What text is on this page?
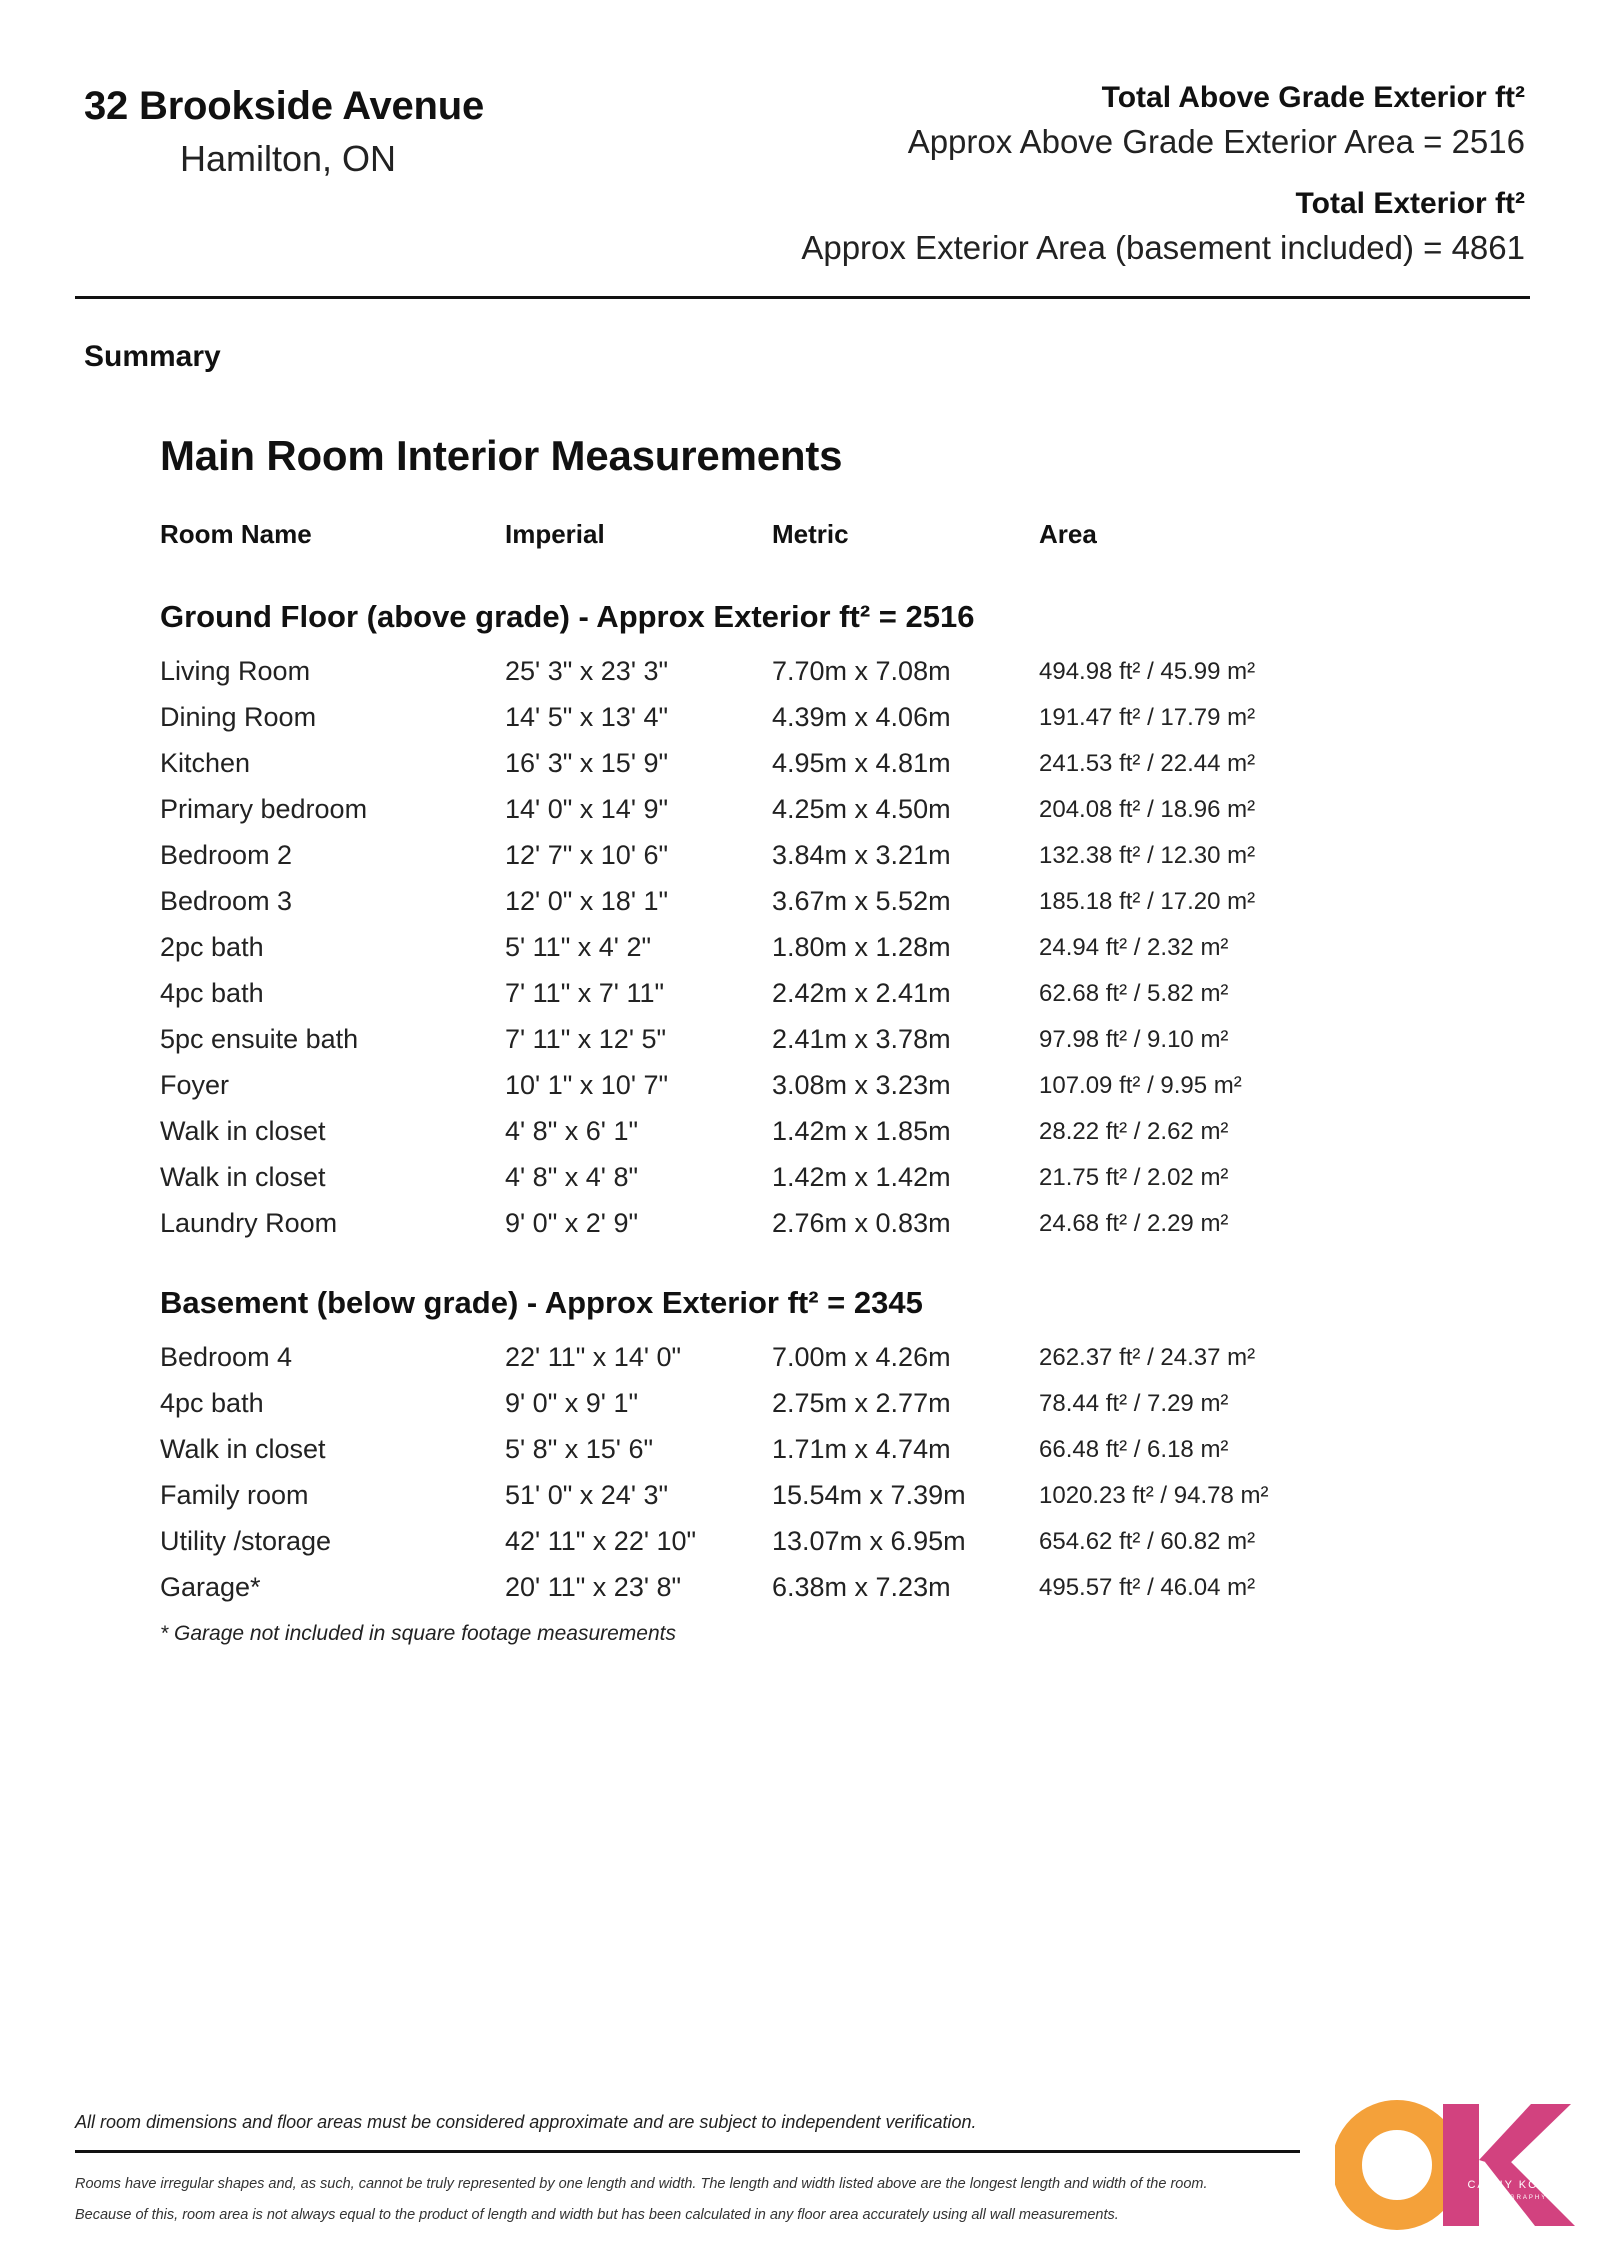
32 Brookside Avenue
Hamilton, ON
Total Above Grade Exterior ft²
Approx Above Grade Exterior Area = 2516
Total Exterior ft²
Approx Exterior Area (basement included) = 4861
Summary
Main Room Interior Measurements
Room Name	Imperial	Metric	Area
Ground Floor (above grade) - Approx Exterior ft² = 2516
Living Room	25' 3" x 23' 3"	7.70m x 7.08m	494.98 ft² / 45.99 m²
Dining Room	14' 5" x 13' 4"	4.39m x 4.06m	191.47 ft² / 17.79 m²
Kitchen	16' 3" x 15' 9"	4.95m x 4.81m	241.53 ft² / 22.44 m²
Primary bedroom	14' 0" x 14' 9"	4.25m x 4.50m	204.08 ft² / 18.96 m²
Bedroom 2	12' 7" x 10' 6"	3.84m x 3.21m	132.38 ft² / 12.30 m²
Bedroom 3	12' 0" x 18' 1"	3.67m x 5.52m	185.18 ft² / 17.20 m²
2pc bath	5' 11" x 4' 2"	1.80m x 1.28m	24.94 ft² / 2.32 m²
4pc bath	7' 11" x 7' 11"	2.42m x 2.41m	62.68 ft² / 5.82 m²
5pc ensuite bath	7' 11" x 12' 5"	2.41m x 3.78m	97.98 ft² / 9.10 m²
Foyer	10' 1" x 10' 7"	3.08m x 3.23m	107.09 ft² / 9.95 m²
Walk in closet	4' 8" x 6' 1"	1.42m x 1.85m	28.22 ft² / 2.62 m²
Walk in closet	4' 8" x 4' 8"	1.42m x 1.42m	21.75 ft² / 2.02 m²
Laundry Room	9' 0" x 2' 9"	2.76m x 0.83m	24.68 ft² / 2.29 m²
Basement (below grade) - Approx Exterior ft² = 2345
Bedroom 4	22' 11" x 14' 0"	7.00m x 4.26m	262.37 ft² / 24.37 m²
4pc bath	9' 0" x 9' 1"	2.75m x 2.77m	78.44 ft² / 7.29 m²
Walk in closet	5' 8" x 15' 6"	1.71m x 4.74m	66.48 ft² / 6.18 m²
Family room	51' 0" x 24' 3"	15.54m x 7.39m	1020.23 ft² / 94.78 m²
Utility /storage	42' 11" x 22' 10"	13.07m x 6.95m	654.62 ft² / 60.82 m²
Garage*	20' 11" x 23' 8"	6.38m x 7.23m	495.57 ft² / 46.04 m²
* Garage not included in square footage measurements
All room dimensions and floor areas must be considered approximate and are subject to independent verification.
Rooms have irregular shapes and, as such, cannot be truly represented by one length and width. The length and width listed above are the longest length and width of the room.
Because of this, room area is not always equal to the product of length and width but has been calculated in any floor area accurately using all wall measurements.
CATHY KOOP
PHOTOGRAPHY
